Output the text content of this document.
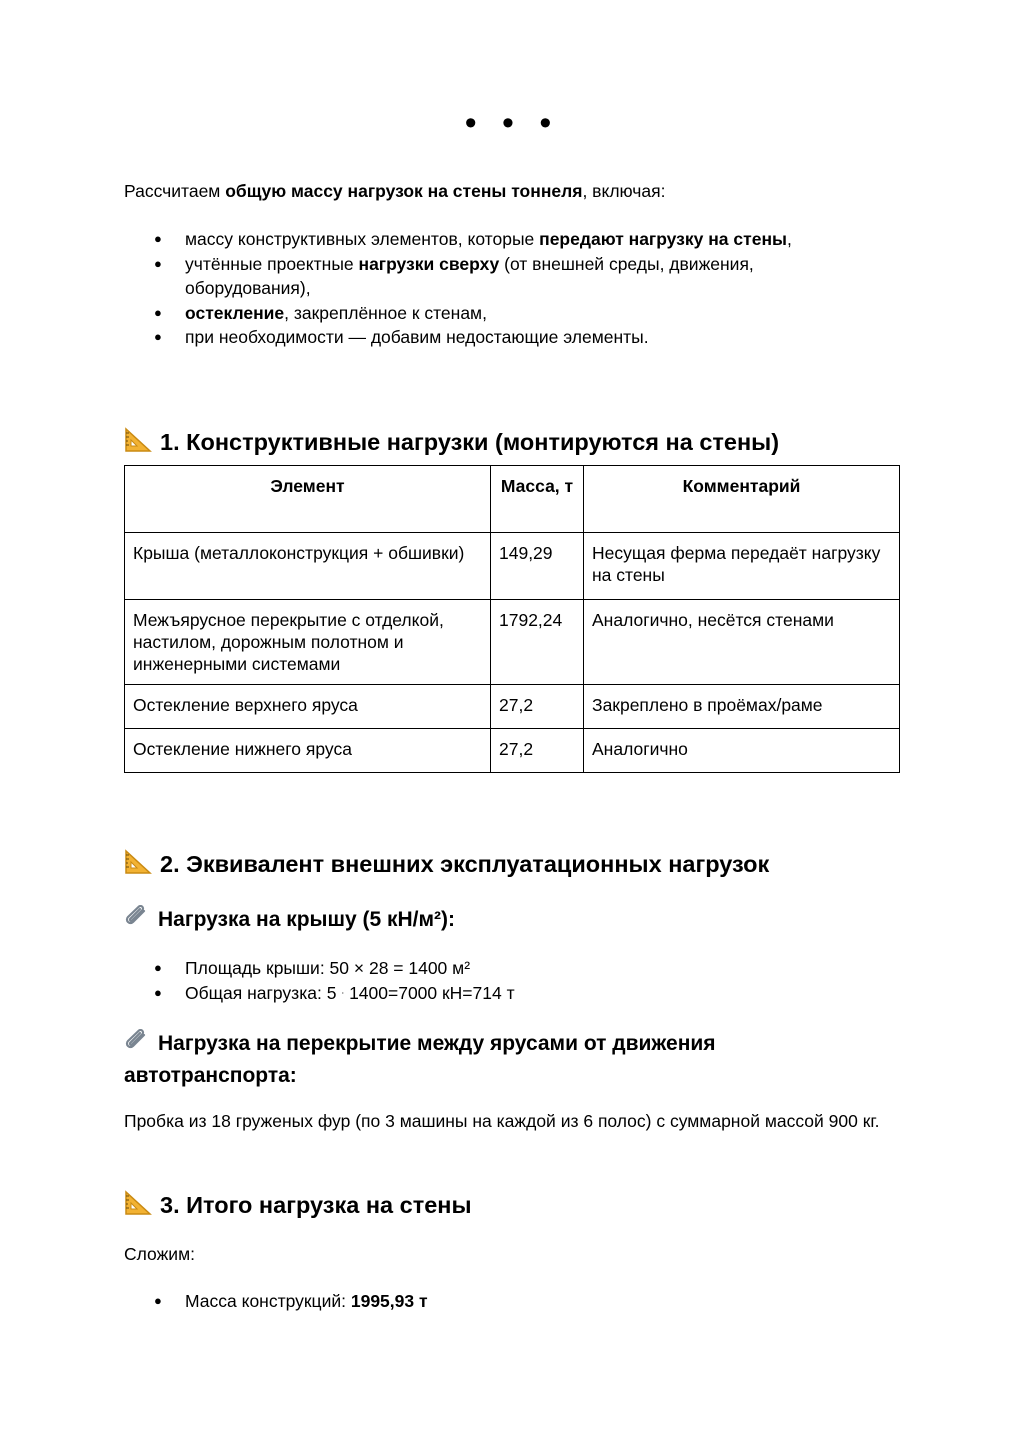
• • •

Рассчитаем общую массу нагрузок на стены тоннеля, включая:

● массу конструктивных элементов, которые передают нагрузку на стены,
● учтённые проектные нагрузки сверху (от внешней среды, движения, оборудования),
● остекление, закреплённое к стенам,
● при необходимости — добавим недостающие элементы.
1. Конструктивные нагрузки (монтируются на стены)
Элемент	Масса, т	Комментарий
Крыша (металлоконструкция + обшивки)	149,29	Несущая ферма передаёт нагрузку на стены
Межъярусное перекрытие с отделкой, настилом, дорожным полотном и инженерными системами	1792,24	Аналогично, несётся стенами
Остекление верхнего яруса	27,2	Закреплено в проёмах/раме
Остекление нижнего яруса	27,2	Аналогично
2. Эквивалент внешних эксплуатационных нагрузок
Нагрузка на крышу (5 кН/м²):
● Площадь крыши: 50 × 28 = 1400 м²
● Общая нагрузка: 5 ⋅ 1400=7000 кН=714 т
Нагрузка на перекрытие между ярусами от движения автотранспорта:

Пробка из 18 груженых фур (по 3 машины на каждой из 6 полос) с суммарной массой 900 кг.

3. Итого нагрузка на стены

Сложим:

● Масса конструкций: 1995,93 т
